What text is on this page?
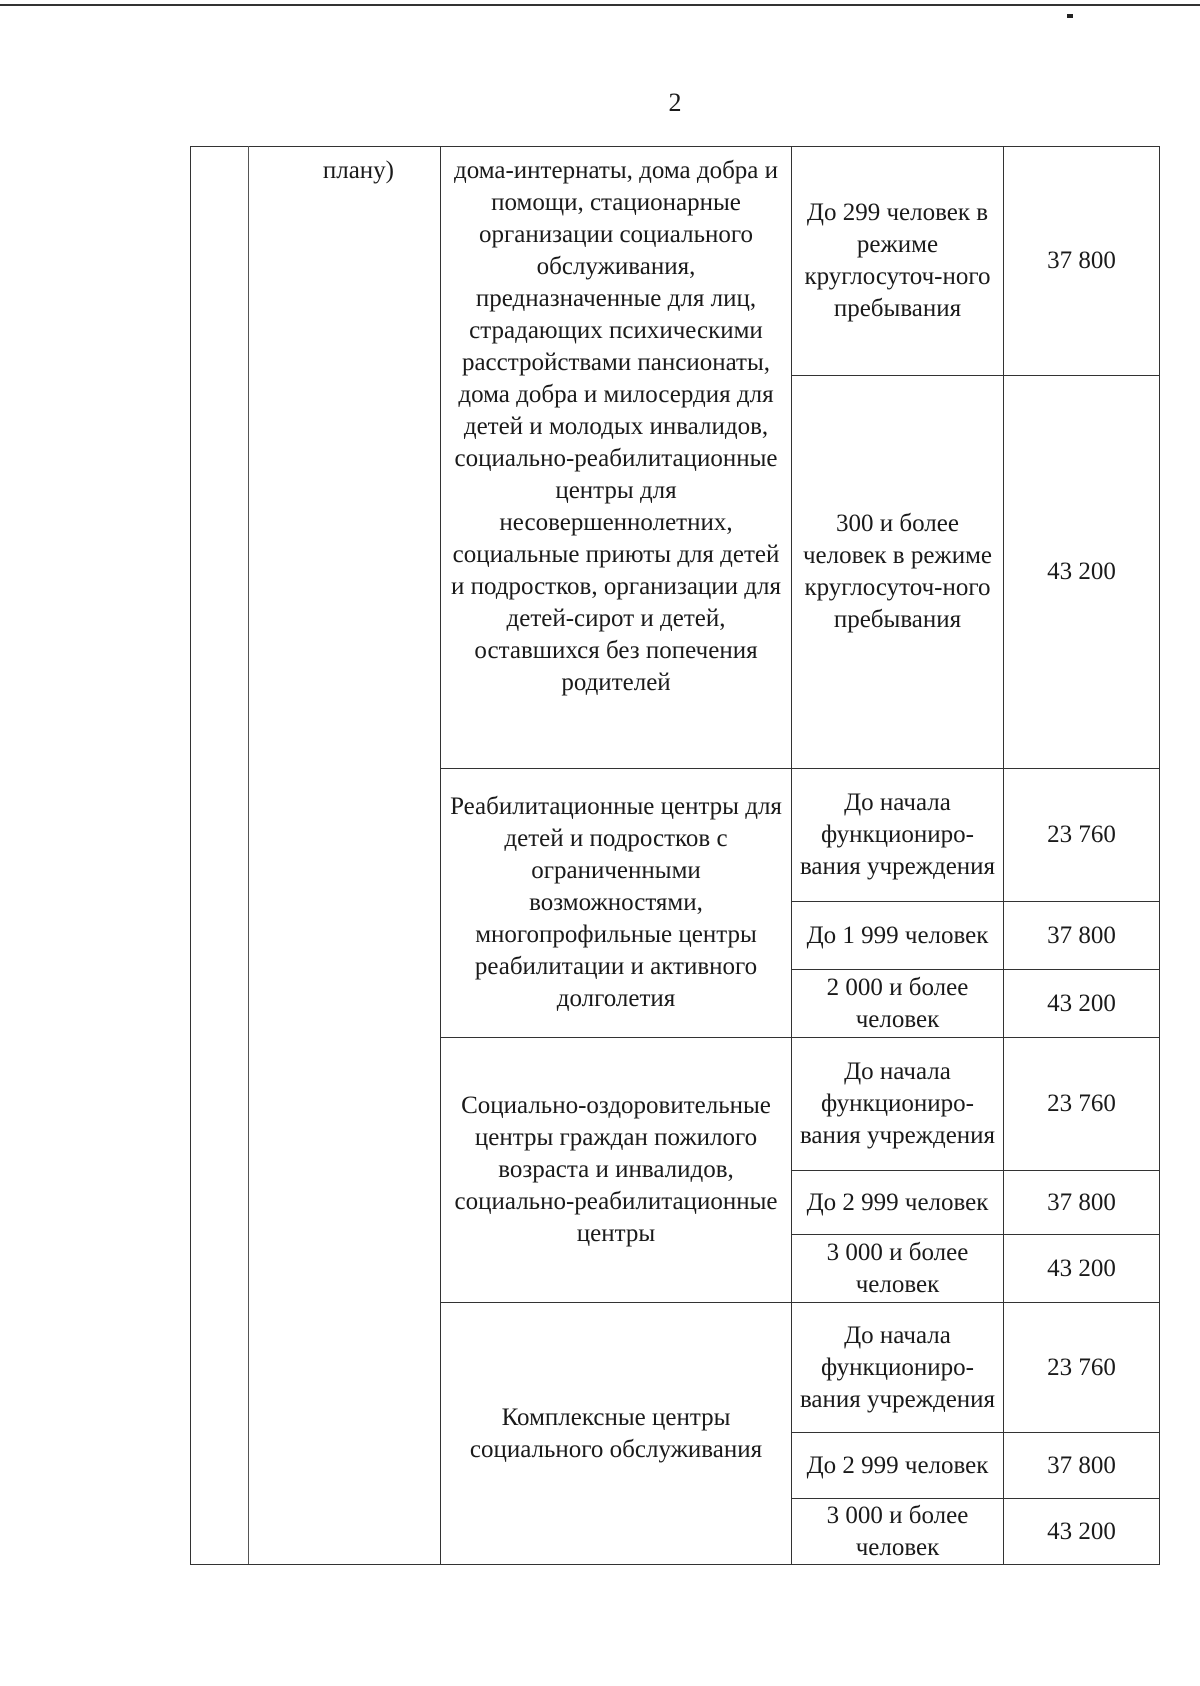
2

	плану)	дома-интернаты, дома добра и помощи, стационарные организации социального обслуживания, предназначенные для лиц, страдающих психическими расстройствами пансионаты, дома добра и милосердия для детей и молодых инвалидов, социально-реабилитационные центры для несовершеннолетних, социальные приюты для детей и подростков, организации для детей-сирот и детей, оставшихся без попечения родителей	До 299 человек в режиме круглосуточ-ного пребывания	37 800

			300 и более человек в режиме круглосуточ-ного пребывания	43 200

		Реабилитационные центры для детей и подростков с ограниченными возможностями, многопрофильные центры реабилитации и активного долголетия	До начала функциониро-вания учреждения	23 760

			До 1 999 человек	37 800

			2 000 и более человек	43 200

		Социально-оздоровительные центры граждан пожилого возраста и инвалидов, социально-реабилитационные центры	До начала функциониро-вания учреждения	23 760

			До 2 999 человек	37 800

			3 000 и более человек	43 200

		Комплексные центры социального обслуживания	До начала функциониро-вания учреждения	23 760

			До 2 999 человек	37 800

			3 000 и более человек	43 200
